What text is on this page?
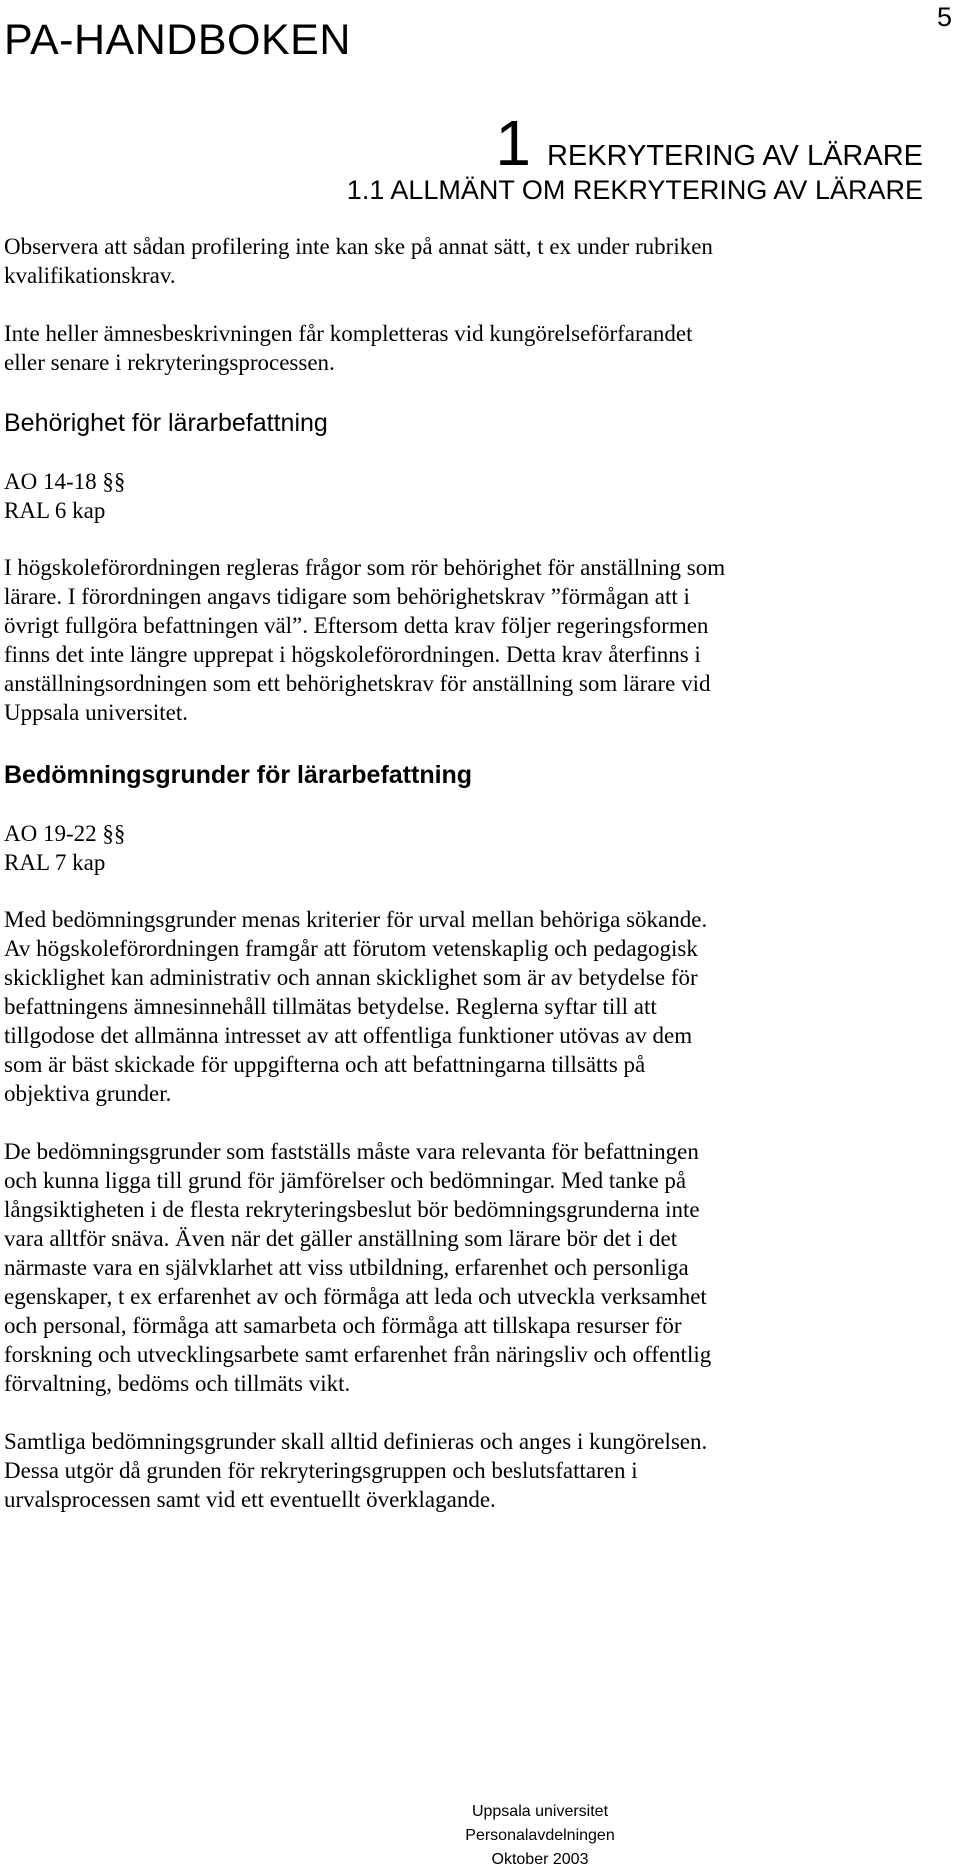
PA-HANDBOKEN	5
1 REKRYTERING AV LÄRARE
1.1 ALLMÄNT OM REKRYTERING AV LÄRARE

Observera att sådan profilering inte kan ske på annat sätt, t ex under rubriken
kvalifikationskrav.

Inte heller ämnesbeskrivningen får kompletteras vid kungörelseförfarandet
eller senare i rekryteringsprocessen.

Behörighet för lärarbefattning

AO 14-18 §§
RAL 6 kap

I högskoleförordningen regleras frågor som rör behörighet för anställning som
lärare. I förordningen angavs tidigare som behörighetskrav ”förmågan att i
övrigt fullgöra befattningen väl”. Eftersom detta krav följer regeringsformen
finns det inte längre upprepat i högskoleförordningen. Detta krav återfinns i
anställningsordningen som ett behörighetskrav för anställning som lärare vid
Uppsala universitet.

Bedömningsgrunder för lärarbefattning

AO 19-22 §§
RAL 7 kap

Med bedömningsgrunder menas kriterier för urval mellan behöriga sökande.
Av högskoleförordningen framgår att förutom vetenskaplig och pedagogisk
skicklighet kan administrativ och annan skicklighet som är av betydelse för
befattningens ämnesinnehåll tillmätas betydelse. Reglerna syftar till att
tillgodose det allmänna intresset av att offentliga funktioner utövas av dem
som är bäst skickade för uppgifterna och att befattningarna tillsätts på
objektiva grunder.

De bedömningsgrunder som fastställs måste vara relevanta för befattningen
och kunna ligga till grund för jämförelser och bedömningar. Med tanke på
långsiktigheten i de flesta rekryteringsbeslut bör bedömningsgrunderna inte
vara alltför snäva. Även när det gäller anställning som lärare bör det i det
närmaste vara en självklarhet att viss utbildning, erfarenhet och personliga
egenskaper, t ex erfarenhet av och förmåga att leda och utveckla verksamhet
och personal, förmåga att samarbeta och förmåga att tillskapa resurser för
forskning och utvecklingsarbete samt erfarenhet från näringsliv och offentlig
förvaltning, bedöms och tillmäts vikt.

Samtliga bedömningsgrunder skall alltid definieras och anges i kungörelsen.
Dessa utgör då grunden för rekryteringsgruppen och beslutsfattaren i
urvalsprocessen samt vid ett eventuellt överklagande.

Uppsala universitet
Personalavdelningen
Oktober 2003
